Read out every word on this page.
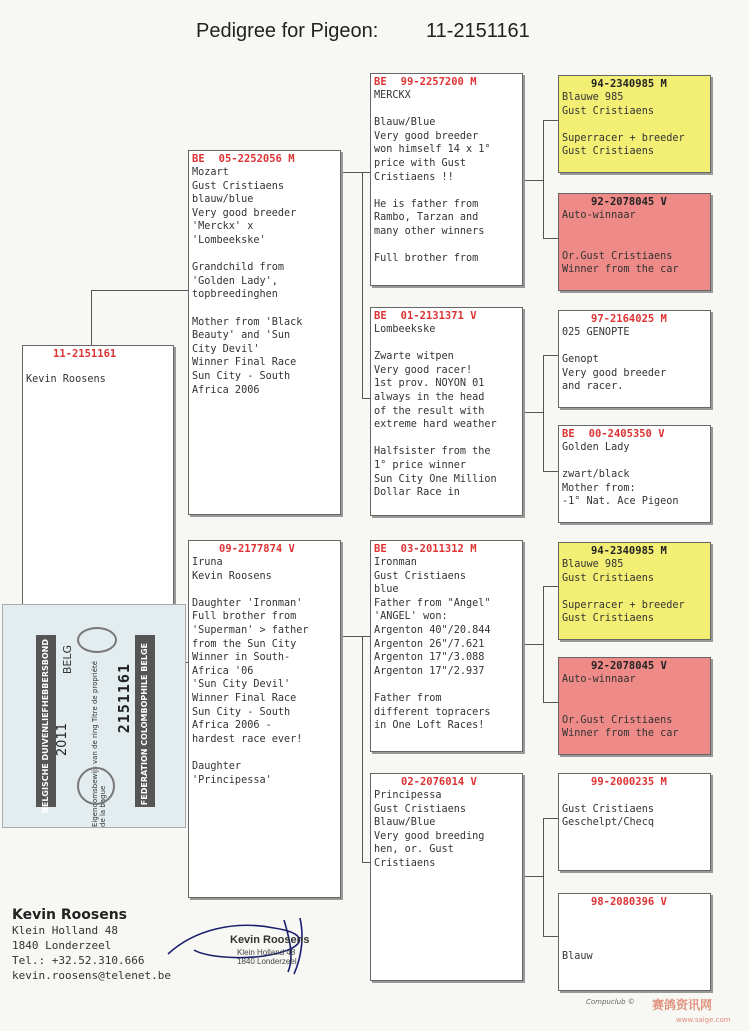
Pedigree for Pigeon: 11-2151161
11-2151161
Kevin Roosens
BE 05-2252056 M
Mozart
Gust Cristiaens
blauw/blue
Very good breeder
'Merckx' x
'Lombeekske'

Grandchild from
'Golden Lady',
topbreedinghen

Mother from 'Black
Beauty' and 'Sun
City Devil'
Winner Final Race
Sun City - South
Africa 2006
09-2177874 V
Iruna
Kevin Roosens

Daughter 'Ironman'
Full brother from
'Superman' > father
from the Sun City
Winner in South-
Africa '06
'Sun City Devil'
Winner Final Race
Sun City - South
Africa 2006 -
hardest race ever!

Daughter
'Principessa'
BE 99-2257200 M
MERCKX

Blauw/Blue
Very good breeder
won himself 14 x 1°
price with Gust
Cristiaens !!

He is father from
Rambo, Tarzan and
many other winners

Full brother from
BE 01-2131371 V
Lombeekske

Zwarte witpen
Very good racer!
1st prov. NOYON 01
always in the head
of the result with
extreme hard weather

Halfsister from the
1° price winner
Sun City One Million
Dollar Race in
BE 03-2011312 M
Ironman
Gust Cristiaens
blue
Father from "Angel"
'ANGEL' won:
Argenton 40"/20.844
Argenton 26"/7.621
Argenton 17"/3.088
Argenton 17"/2.937

Father from
different topracers
in One Loft Races!
02-2076014 V
Principessa
Gust Cristiaens
Blauw/Blue
Very good breeding
hen, or. Gust
Cristiaens
94-2340985 M
Blauwe 985
Gust Cristiaens

Superracer + breeder
Gust Cristiaens
92-2078045 V
Auto-winnaar

Or.Gust Cristiaens
Winner from the car
97-2164025 M
025 GENOPTE

Genopt
Very good breeder
and racer.
BE 00-2405350 V
Golden Lady

zwart/black
Mother from:
-1° Nat. Ace Pigeon
94-2340985 M
Blauwe 985
Gust Cristiaens

Superracer + breeder
Gust Cristiaens
92-2078045 V
Auto-winnaar

Or.Gust Cristiaens
Winner from the car
99-2000235 M

Gust Cristiaens
Geschelpt/Checq
98-2080396 V

Blauw
BELGISCHE DUIVENLIEFHEBBERSBOND	FEDERATION COLOMBOPHILE BELGE
BELG
2011	Eigendomsbewijs van de ring Titre de propriété de la bague
2151161
Kevin Roosens
Klein Holland 48
1840 Londerzeel
Tel.: +32.52.310.666
kevin.roosens@telenet.be
Kevin Roosens
Klein Holland 48
1840 Londerzeel
Compuclub © 赛鸽资讯网
www.saige.com
